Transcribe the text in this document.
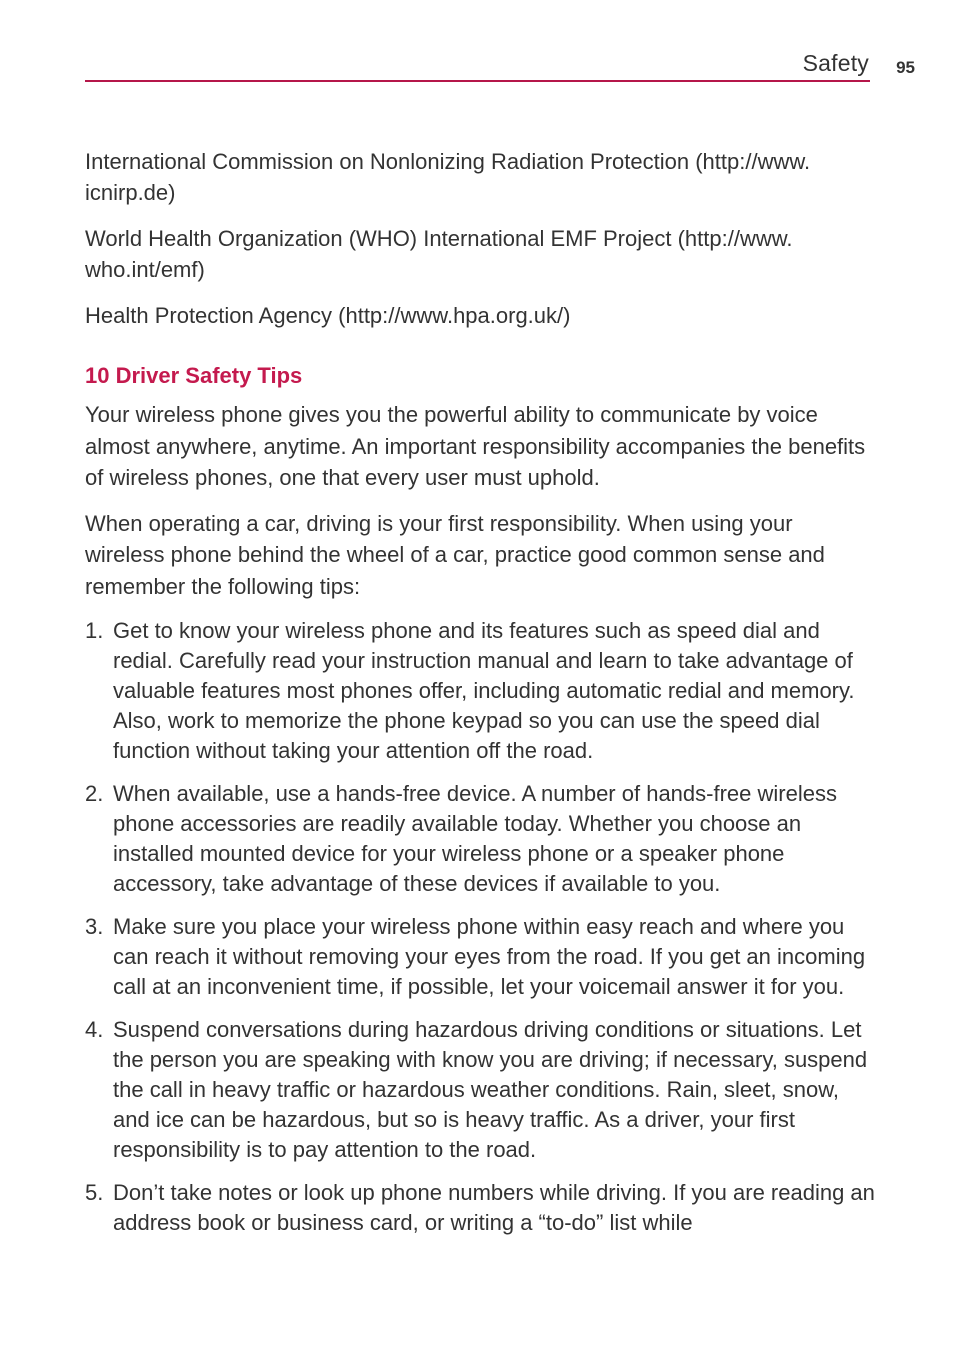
Safety 95

International Commission on Nonlonizing Radiation Protection (http://www. icnirp.de)

World Health Organization (WHO) International EMF Project (http://www. who.int/emf)

Health Protection Agency (http://www.hpa.org.uk/)

10 Driver Safety Tips

Your wireless phone gives you the powerful ability to communicate by voice almost anywhere, anytime. An important responsibility accompanies the benefits of wireless phones, one that every user must uphold.

When operating a car, driving is your first responsibility. When using your wireless phone behind the wheel of a car, practice good common sense and remember the following tips:

1. Get to know your wireless phone and its features such as speed dial and redial. Carefully read your instruction manual and learn to take advantage of valuable features most phones offer, including automatic redial and memory. Also, work to memorize the phone keypad so you can use the speed dial function without taking your attention off the road.
2. When available, use a hands-free device. A number of hands-free wireless phone accessories are readily available today. Whether you choose an installed mounted device for your wireless phone or a speaker phone accessory, take advantage of these devices if available to you.
3. Make sure you place your wireless phone within easy reach and where you can reach it without removing your eyes from the road. If you get an incoming call at an inconvenient time, if possible, let your voicemail answer it for you.
4. Suspend conversations during hazardous driving conditions or situations. Let the person you are speaking with know you are driving; if necessary, suspend the call in heavy traffic or hazardous weather conditions. Rain, sleet, snow, and ice can be hazardous, but so is heavy traffic. As a driver, your first responsibility is to pay attention to the road.
5. Don’t take notes or look up phone numbers while driving. If you are reading an address book or business card, or writing a “to-do” list while
